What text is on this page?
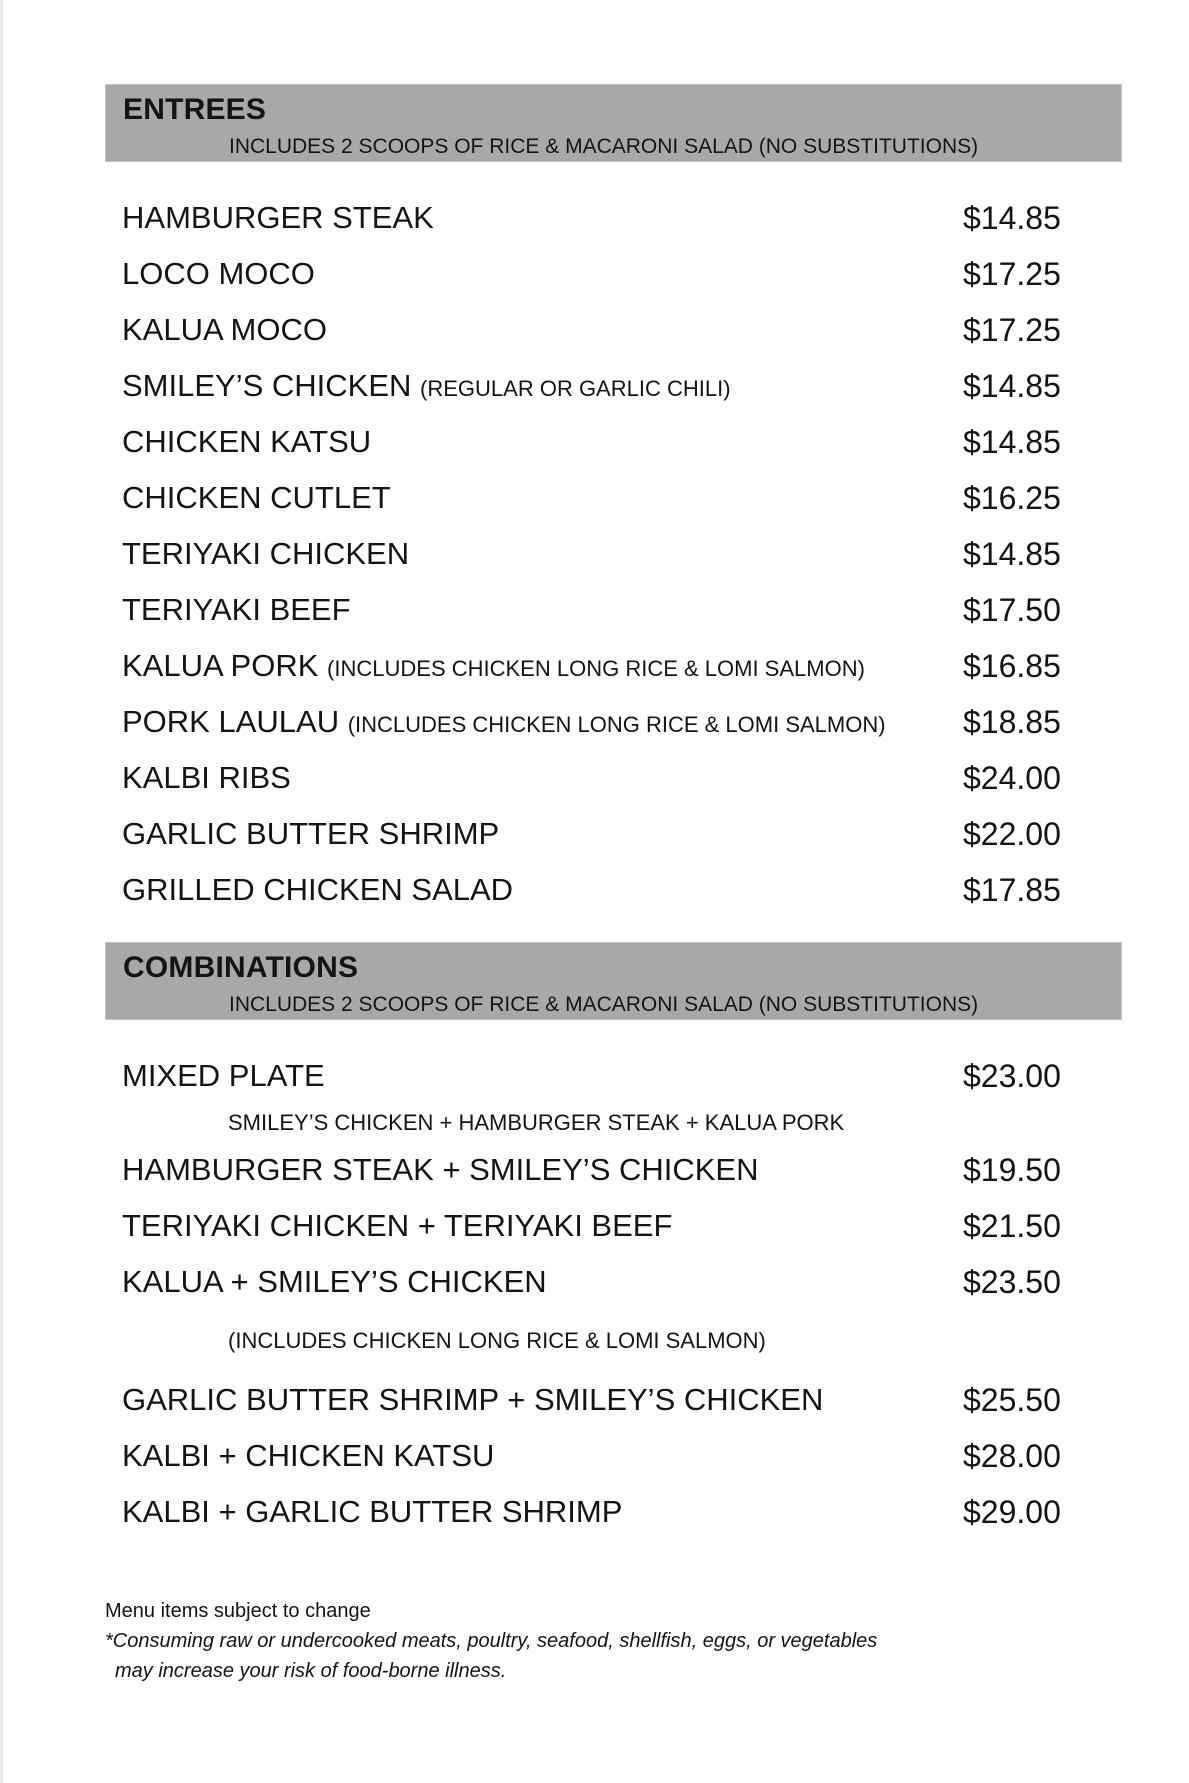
ENTREES
INCLUDES 2 SCOOPS OF RICE & MACARONI SALAD (NO SUBSTITUTIONS)
HAMBURGER STEAK	$14.85
LOCO MOCO	$17.25
KALUA MOCO	$17.25
SMILEY’S CHICKEN (REGULAR OR GARLIC CHILI)	$14.85
CHICKEN KATSU	$14.85
CHICKEN CUTLET	$16.25
TERIYAKI CHICKEN	$14.85
TERIYAKI BEEF	$17.50
KALUA PORK (INCLUDES CHICKEN LONG RICE & LOMI SALMON)	$16.85
PORK LAULAU (INCLUDES CHICKEN LONG RICE & LOMI SALMON) $18.85
KALBI RIBS	$24.00
GARLIC BUTTER SHRIMP	$22.00
GRILLED CHICKEN SALAD	$17.85
COMBINATIONS
INCLUDES 2 SCOOPS OF RICE & MACARONI SALAD (NO SUBSTITUTIONS)
MIXED PLATE	$23.00
SMILEY’S CHICKEN + HAMBURGER STEAK + KALUA PORK
HAMBURGER STEAK + SMILEY’S CHICKEN	$19.50
TERIYAKI CHICKEN + TERIYAKI BEEF	$21.50
KALUA + SMILEY’S CHICKEN	$23.50
(INCLUDES CHICKEN LONG RICE & LOMI SALMON)
GARLIC BUTTER SHRIMP + SMILEY’S CHICKEN	$25.50
KALBI + CHICKEN KATSU	$28.00
KALBI + GARLIC BUTTER SHRIMP	$29.00
Menu items subject to change
*Consuming raw or undercooked meats, poultry, seafood, shellfish, eggs, or vegetables
may increase your risk of food-borne illness.
